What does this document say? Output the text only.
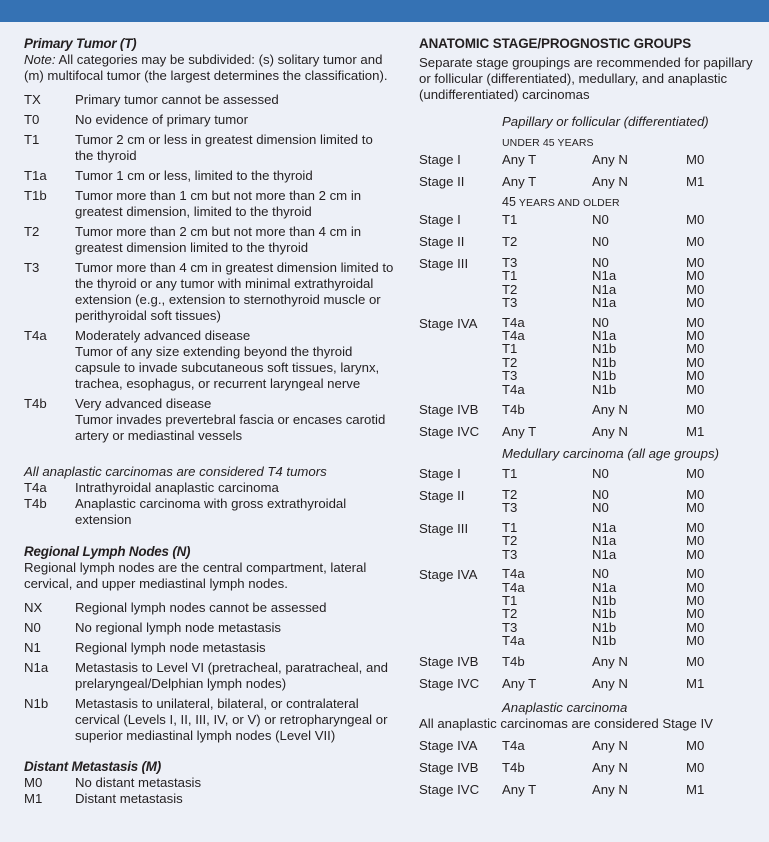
Primary Tumor (T)
Note: All categories may be subdivided: (s) solitary tumor and (m) multifocal tumor (the largest determines the classification).
TX	Primary tumor cannot be assessed
T0	No evidence of primary tumor
T1	Tumor 2 cm or less in greatest dimension limited to the thyroid
T1a	Tumor 1 cm or less, limited to the thyroid
T1b	Tumor more than 1 cm but not more than 2 cm in greatest dimension, limited to the thyroid
T2	Tumor more than 2 cm but not more than 4 cm in greatest dimension limited to the thyroid
T3	Tumor more than 4 cm in greatest dimension limited to the thyroid or any tumor with minimal extrathyroidal extension (e.g., extension to sternothyroid muscle or perithyroidal soft tissues)
T4a	Moderately advanced disease
Tumor of any size extending beyond the thyroid capsule to invade subcutaneous soft tissues, larynx, trachea, esophagus, or recurrent laryngeal nerve
T4b	Very advanced disease
Tumor invades prevertebral fascia or encases carotid artery or mediastinal vessels
All anaplastic carcinomas are considered T4 tumors
T4a	Intrathyroidal anaplastic carcinoma
T4b	Anaplastic carcinoma with gross extrathyroidal extension
Regional Lymph Nodes (N)
Regional lymph nodes are the central compartment, lateral cervical, and upper mediastinal lymph nodes.
NX	Regional lymph nodes cannot be assessed
N0	No regional lymph node metastasis
N1	Regional lymph node metastasis
N1a	Metastasis to Level VI (pretracheal, paratracheal, and prelaryngeal/Delphian lymph nodes)
N1b	Metastasis to unilateral, bilateral, or contralateral cervical (Levels I, II, III, IV, or V) or retropharyngeal or superior mediastinal lymph nodes (Level VII)
Distant Metastasis (M)
M0	No distant metastasis
M1	Distant metastasis
ANATOMIC STAGE/PROGNOSTIC GROUPS
Separate stage groupings are recommended for papillary or follicular (differentiated), medullary, and anaplastic (undifferentiated) carcinomas
Papillary or follicular (differentiated)
UNDER 45 YEARS
Stage I	Any T	Any N	M0
Stage II	Any T	Any N	M1
45 YEARS AND OLDER
Stage I	T1	N0	M0
Stage II	T2	N0	M0
Stage III	T3	N0	M0
T1	N1a	M0
T2	N1a	M0
T3	N1a	M0
Stage IVA	T4a	N0	M0
T4a	N1a	M0
T1	N1b	M0
T2	N1b	M0
T3	N1b	M0
T4a	N1b	M0
Stage IVB	T4b	Any N	M0
Stage IVC	Any T	Any N	M1
Medullary carcinoma (all age groups)
Stage I	T1	N0	M0
Stage II	T2	N0	M0
T3	N0	M0
Stage III	T1	N1a	M0
T2	N1a	M0
T3	N1a	M0
Stage IVA	T4a	N0	M0
T4a	N1a	M0
T1	N1b	M0
T2	N1b	M0
T3	N1b	M0
T4a	N1b	M0
Stage IVB	T4b	Any N	M0
Stage IVC	Any T	Any N	M1
Anaplastic carcinoma
All anaplastic carcinomas are considered Stage IV
Stage IVA	T4a	Any N	M0
Stage IVB	T4b	Any N	M0
Stage IVC	Any T	Any N	M1
